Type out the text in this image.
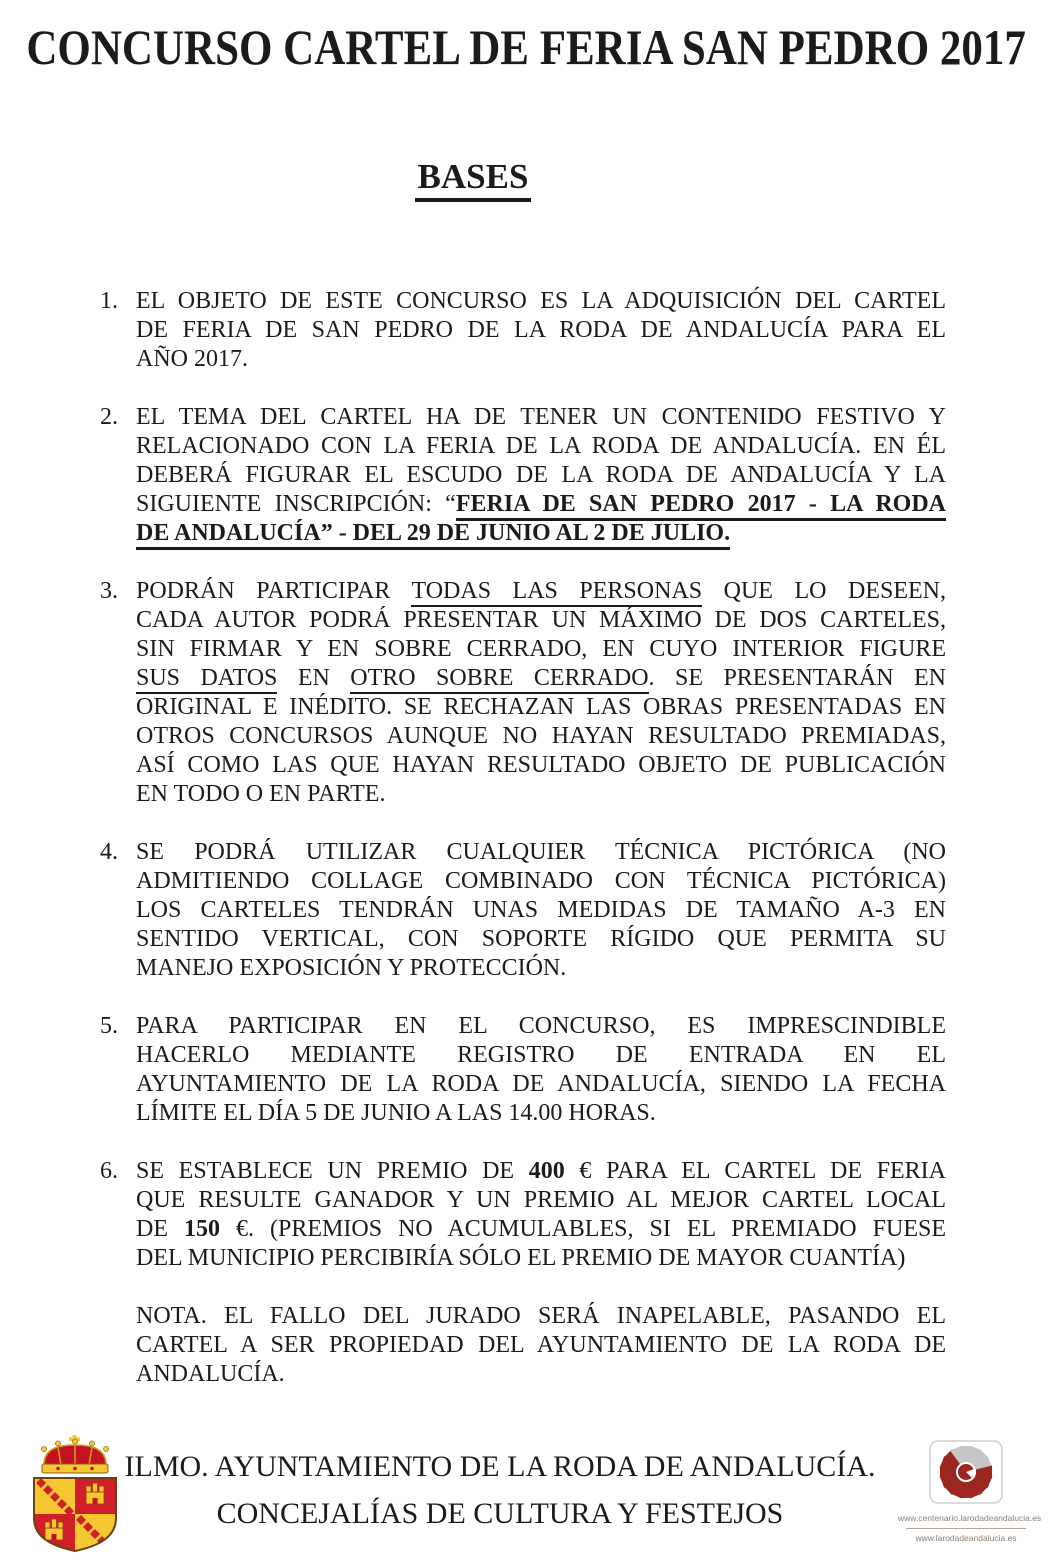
CONCURSO CARTEL DE FERIA SAN PEDRO 2017
BASES
1. EL OBJETO DE ESTE CONCURSO ES LA ADQUISICIÓN DEL CARTEL
DE FERIA DE SAN PEDRO DE LA RODA DE ANDALUCÍA PARA EL
AÑO 2017.
2. EL TEMA DEL CARTEL HA DE TENER UN CONTENIDO FESTIVO Y
RELACIONADO CON LA FERIA DE LA RODA DE ANDALUCÍA. EN ÉL
DEBERÁ FIGURAR EL ESCUDO DE LA RODA DE ANDALUCÍA Y LA
SIGUIENTE INSCRIPCIÓN: “FERIA DE SAN PEDRO 2017 - LA RODA
DE ANDALUCÍA” - DEL 29 DE JUNIO AL 2 DE JULIO.
3. PODRÁN PARTICIPAR TODAS LAS PERSONAS QUE LO DESEEN,
CADA AUTOR PODRÁ PRESENTAR UN MÁXIMO DE DOS CARTELES,
SIN FIRMAR Y EN SOBRE CERRADO, EN CUYO INTERIOR FIGURE
SUS DATOS EN OTRO SOBRE CERRADO. SE PRESENTARÁN EN
ORIGINAL E INÉDITO. SE RECHAZAN LAS OBRAS PRESENTADAS EN
OTROS CONCURSOS AUNQUE NO HAYAN RESULTADO PREMIADAS,
ASÍ COMO LAS QUE HAYAN RESULTADO OBJETO DE PUBLICACIÓN
EN TODO O EN PARTE.
4. SE PODRÁ UTILIZAR CUALQUIER TÉCNICA PICTÓRICA (NO
ADMITIENDO COLLAGE COMBINADO CON TÉCNICA PICTÓRICA)
LOS CARTELES TENDRÁN UNAS MEDIDAS DE TAMAÑO A-3 EN
SENTIDO VERTICAL, CON SOPORTE RÍGIDO QUE PERMITA SU
MANEJO EXPOSICIÓN Y PROTECCIÓN.
5. PARA PARTICIPAR EN EL CONCURSO, ES IMPRESCINDIBLE
HACERLO MEDIANTE REGISTRO DE ENTRADA EN EL
AYUNTAMIENTO DE LA RODA DE ANDALUCÍA, SIENDO LA FECHA
LÍMITE EL DÍA 5 DE JUNIO A LAS 14.00 HORAS.
6. SE ESTABLECE UN PREMIO DE 400 € PARA EL CARTEL DE FERIA
QUE RESULTE GANADOR Y UN PREMIO AL MEJOR CARTEL LOCAL
DE 150 €. (PREMIOS NO ACUMULABLES, SI EL PREMIADO FUESE
DEL MUNICIPIO PERCIBIRÍA SÓLO EL PREMIO DE MAYOR CUANTÍA)
NOTA. EL FALLO DEL JURADO SERÁ INAPELABLE, PASANDO EL
CARTEL A SER PROPIEDAD DEL AYUNTAMIENTO DE LA RODA DE
ANDALUCÍA.
ILMO. AYUNTAMIENTO DE LA RODA DE ANDALUCÍA.
CONCEJALÍAS DE CULTURA Y FESTEJOS	www.centenario.larodadeandalucia.es
www.larodadeandalucia.es
